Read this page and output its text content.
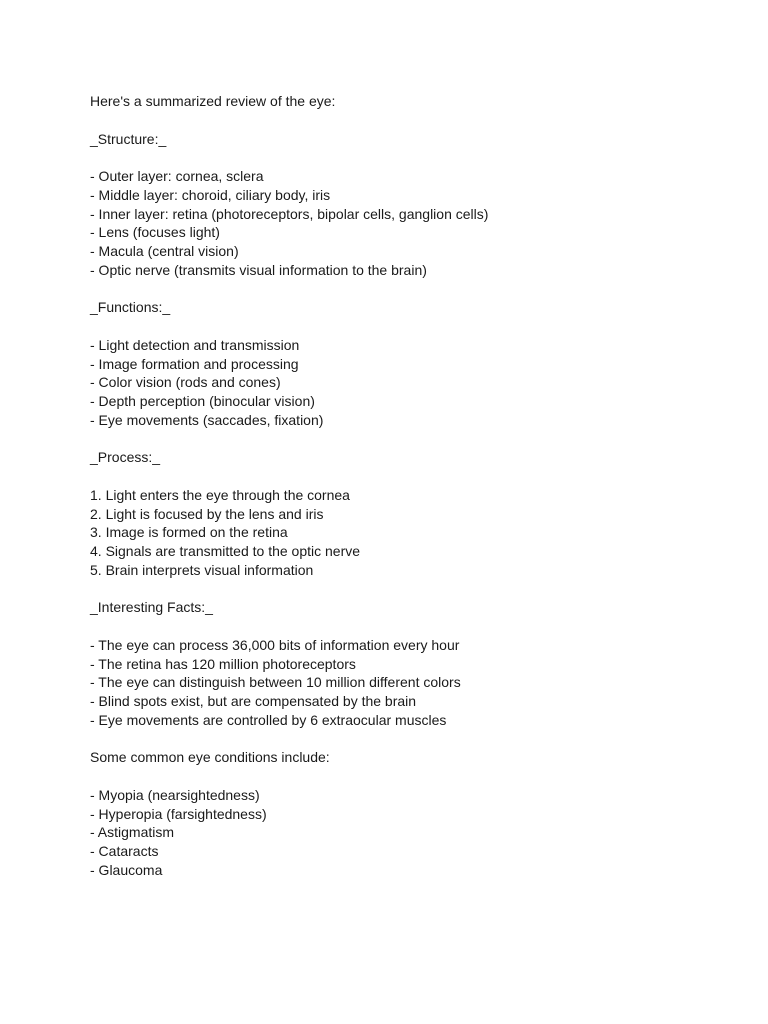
Here's a summarized review of the eye:
_Structure:_
- Outer layer: cornea, sclera
- Middle layer: choroid, ciliary body, iris
- Inner layer: retina (photoreceptors, bipolar cells, ganglion cells)
- Lens (focuses light)
- Macula (central vision)
- Optic nerve (transmits visual information to the brain)
_Functions:_
- Light detection and transmission
- Image formation and processing
- Color vision (rods and cones)
- Depth perception (binocular vision)
- Eye movements (saccades, fixation)
_Process:_
1. Light enters the eye through the cornea
2. Light is focused by the lens and iris
3. Image is formed on the retina
4. Signals are transmitted to the optic nerve
5. Brain interprets visual information
_Interesting Facts:_
- The eye can process 36,000 bits of information every hour
- The retina has 120 million photoreceptors
- The eye can distinguish between 10 million different colors
- Blind spots exist, but are compensated by the brain
- Eye movements are controlled by 6 extraocular muscles
Some common eye conditions include:
- Myopia (nearsightedness)
- Hyperopia (farsightedness)
- Astigmatism
- Cataracts
- Glaucoma
